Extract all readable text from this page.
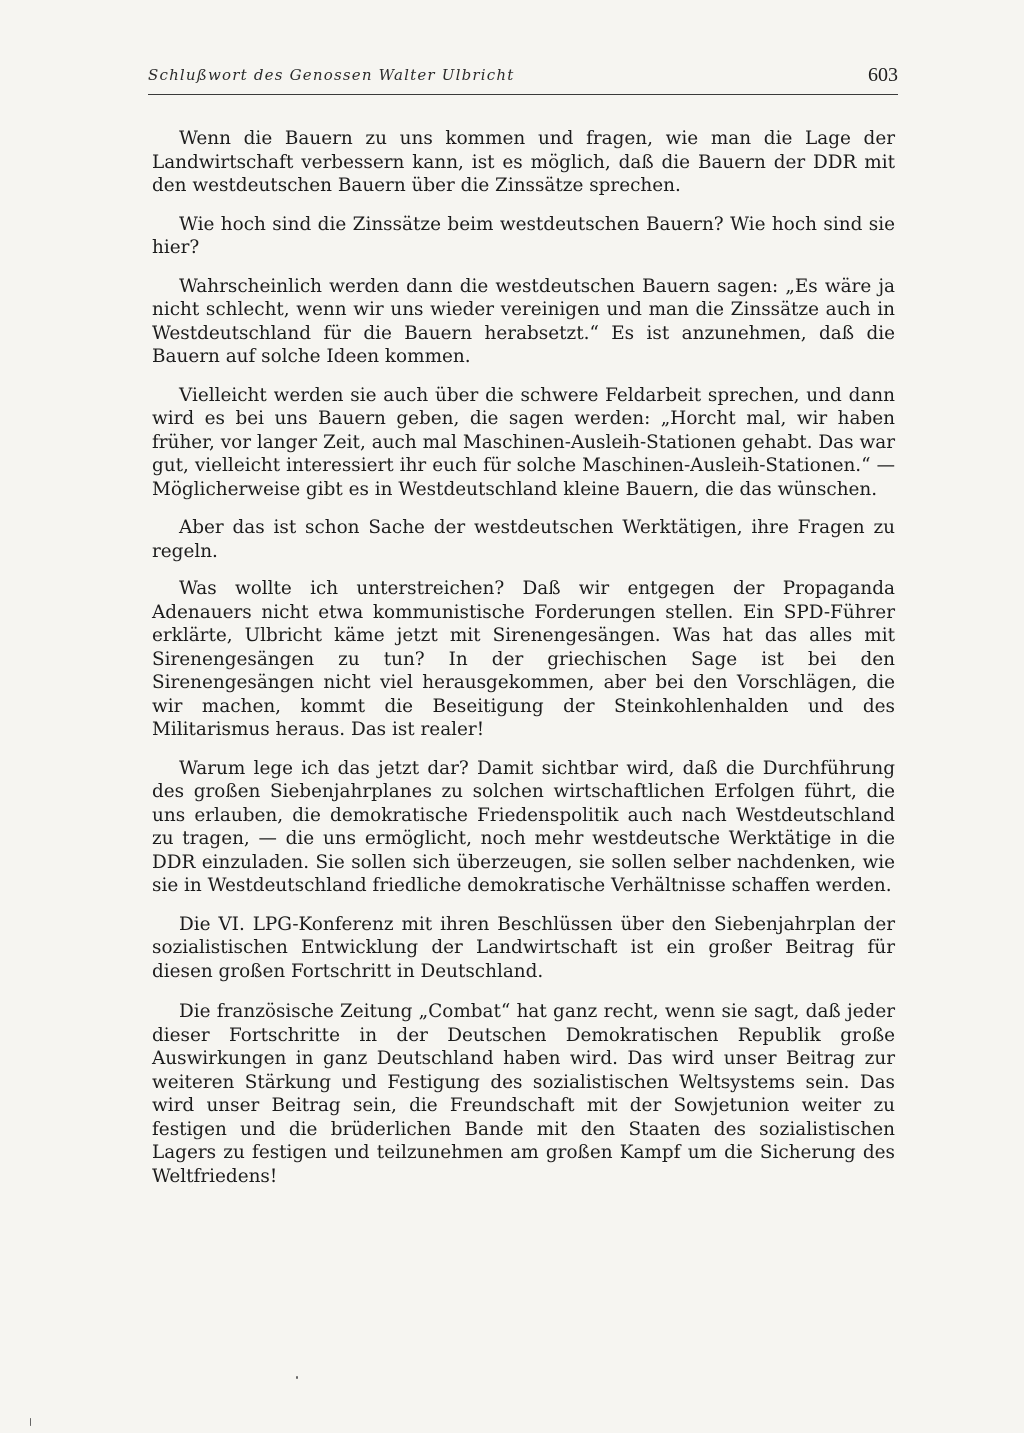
Schlußwort des Genossen Walter Ulbricht	603

Wenn die Bauern zu uns kommen und fragen, wie man die Lage der Landwirtschaft verbessern kann, ist es möglich, daß die Bauern der DDR mit den westdeutschen Bauern über die Zinssätze sprechen.

Wie hoch sind die Zinssätze beim westdeutschen Bauern? Wie hoch sind sie hier?

Wahrscheinlich werden dann die westdeutschen Bauern sagen: „Es wäre ja nicht schlecht, wenn wir uns wieder vereinigen und man die Zinssätze auch in Westdeutschland für die Bauern herabsetzt.“ Es ist anzunehmen, daß die Bauern auf solche Ideen kommen.

Vielleicht werden sie auch über die schwere Feldarbeit sprechen, und dann wird es bei uns Bauern geben, die sagen werden: „Horcht mal, wir haben früher, vor langer Zeit, auch mal Maschinen-Ausleih-Stationen gehabt. Das war gut, vielleicht interessiert ihr euch für solche Maschinen-Ausleih-Stationen.“ — Möglicherweise gibt es in Westdeutschland kleine Bauern, die das wünschen.

Aber das ist schon Sache der westdeutschen Werktätigen, ihre Fragen zu regeln.

Was wollte ich unterstreichen? Daß wir entgegen der Propaganda Adenauers nicht etwa kommunistische Forderungen stellen. Ein SPD-Führer erklärte, Ulbricht käme jetzt mit Sirenengesängen. Was hat das alles mit Sirenengesängen zu tun? In der griechischen Sage ist bei den Sirenengesängen nicht viel herausgekommen, aber bei den Vorschlägen, die wir machen, kommt die Beseitigung der Steinkohlenhalden und des Militarismus heraus. Das ist realer!

Warum lege ich das jetzt dar? Damit sichtbar wird, daß die Durchführung des großen Siebenjahrplanes zu solchen wirtschaftlichen Erfolgen führt, die uns erlauben, die demokratische Friedenspolitik auch nach Westdeutschland zu tragen, — die uns ermöglicht, noch mehr westdeutsche Werktätige in die DDR einzuladen. Sie sollen sich überzeugen, sie sollen selber nachdenken, wie sie in Westdeutschland friedliche demokratische Verhältnisse schaffen werden.

Die VI. LPG-Konferenz mit ihren Beschlüssen über den Siebenjahrplan der sozialistischen Entwicklung der Landwirtschaft ist ein großer Beitrag für diesen großen Fortschritt in Deutschland.

Die französische Zeitung „Combat“ hat ganz recht, wenn sie sagt, daß jeder dieser Fortschritte in der Deutschen Demokratischen Republik große Auswirkungen in ganz Deutschland haben wird. Das wird unser Beitrag zur weiteren Stärkung und Festigung des sozialistischen Weltsystems sein. Das wird unser Beitrag sein, die Freundschaft mit der Sowjetunion weiter zu festigen und die brüderlichen Bande mit den Staaten des sozialistischen Lagers zu festigen und teilzunehmen am großen Kampf um die Sicherung des Weltfriedens!
